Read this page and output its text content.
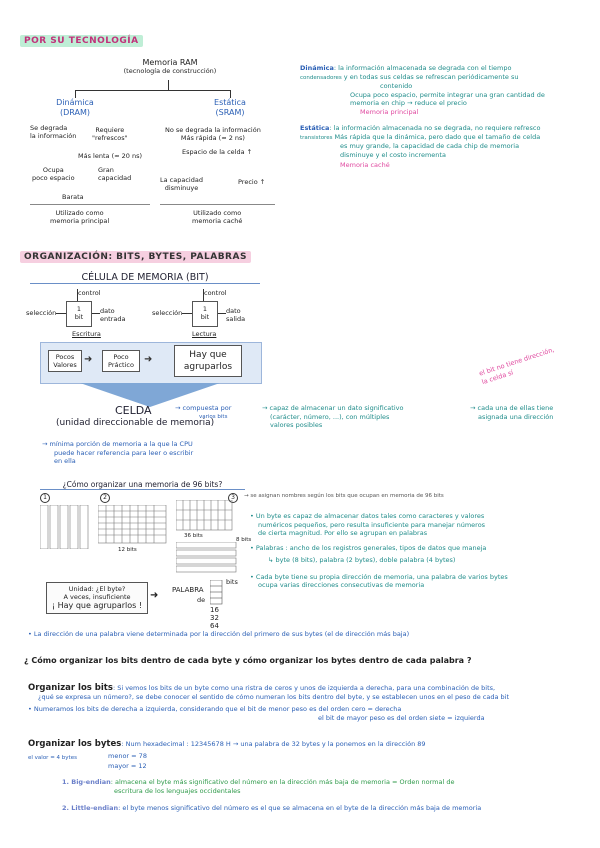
POR SU TECNOLOGÍA
Memoria RAM
(tecnología de construcción)
Dinámica
(DRAM)
Estática
(SRAM)
Se degrada
la información
Requiere
"refrescos"
Más lenta (≈ 20 ns)
Ocupa
poco espacio
Gran
capacidad
Barata
Utilizado como
memoria principal
No se degrada la información
Más rápida (≈ 2 ns)
Espacio de la celda ↑
La capacidad
disminuye
Precio ↑
Utilizado como
memoria caché
Dinámica: la información almacenada se degrada con el tiempo
condensadores y en todas sus celdas se refrescan periódicamente su
contenido
Ocupa poco espacio, permite integrar una gran cantidad de
memoria en chip → reduce el precio
Memoria principal
Estática: la información almacenada no se degrada, no requiere refresco
transistores Más rápida que la dinámica, pero dado que el tamaño de celda
es muy grande, la capacidad de cada chip de memoria
disminuye y el costo incrementa
Memoria caché
ORGANIZACIÓN: BITS, BYTES, PALABRAS
CÉLULA DE MEMORIA (BIT)
control
selección	1
bit
dato
entrada
Escritura
control
selección	1
bit
dato
salida
Lectura
Pocos
Valores ➜	Poco
Práctico	➜	Hay que
agruparlos
CELDA
(unidad direccionable de memoria)
→ compuesta por
varios bits
→ capaz de almacenar un dato significativo
(carácter, número, ...), con múltiples
valores posibles
→ cada una de ellas tiene
asignada una dirección
el bit no tiene dirección,
la celda sí
→ mínima porción de memoria a la que la CPU
puede hacer referencia para leer o escribir
en ella
¿Cómo organizar una memoria de 96 bits?
1	2	3
12 bits
36 bits
8 bits
Unidad: ¿El byte?
A veces, insuficiente
¡ Hay que agruparlos !
PALABRA
de
➜
bits
16
32
64
→ se asignan nombres según los bits que ocupan en memoria de 96 bits
• Un byte es capaz de almacenar datos tales como caracteres y valores
numéricos pequeños, pero resulta insuficiente para manejar números
de cierta magnitud. Por ello se agrupan en palabras
• Palabras : ancho de los registros generales, tipos de datos que maneja
↳ byte (8 bits), palabra (2 bytes), doble palabra (4 bytes)
• Cada byte tiene su propia dirección de memoria, una palabra de varios bytes
ocupa varias direcciones consecutivas de memoria
• La dirección de una palabra viene determinada por la dirección del primero de sus bytes (el de dirección más baja)
¿ Cómo organizar los bits dentro de cada byte y cómo organizar los bytes dentro de cada palabra ?
Organizar los bits: Si vemos los bits de un byte como una ristra de ceros y unos de izquierda a derecha, para una combinación de bits,
¿qué se expresa un número?, se debe conocer el sentido de cómo numeran los bits dentro del byte, y se establecen unos en el peso de cada bit
• Numeramos los bits de derecha a izquierda, considerando que el bit de menor peso es del orden cero = derecha
el bit de mayor peso es del orden siete = izquierda
Organizar los bytes: Num hexadecimal : 12345678 H → una palabra de 32 bytes y la ponemos en la dirección 89
el valor = 4 bytes	menor = 78
mayor = 12
1. Big-endian: almacena el byte más significativo del número en la dirección más baja de memoria = Orden normal de
escritura de los lenguajes occidentales
2. Little-endian: el byte menos significativo del número es el que se almacena en el byte de la dirección más baja de memoria
